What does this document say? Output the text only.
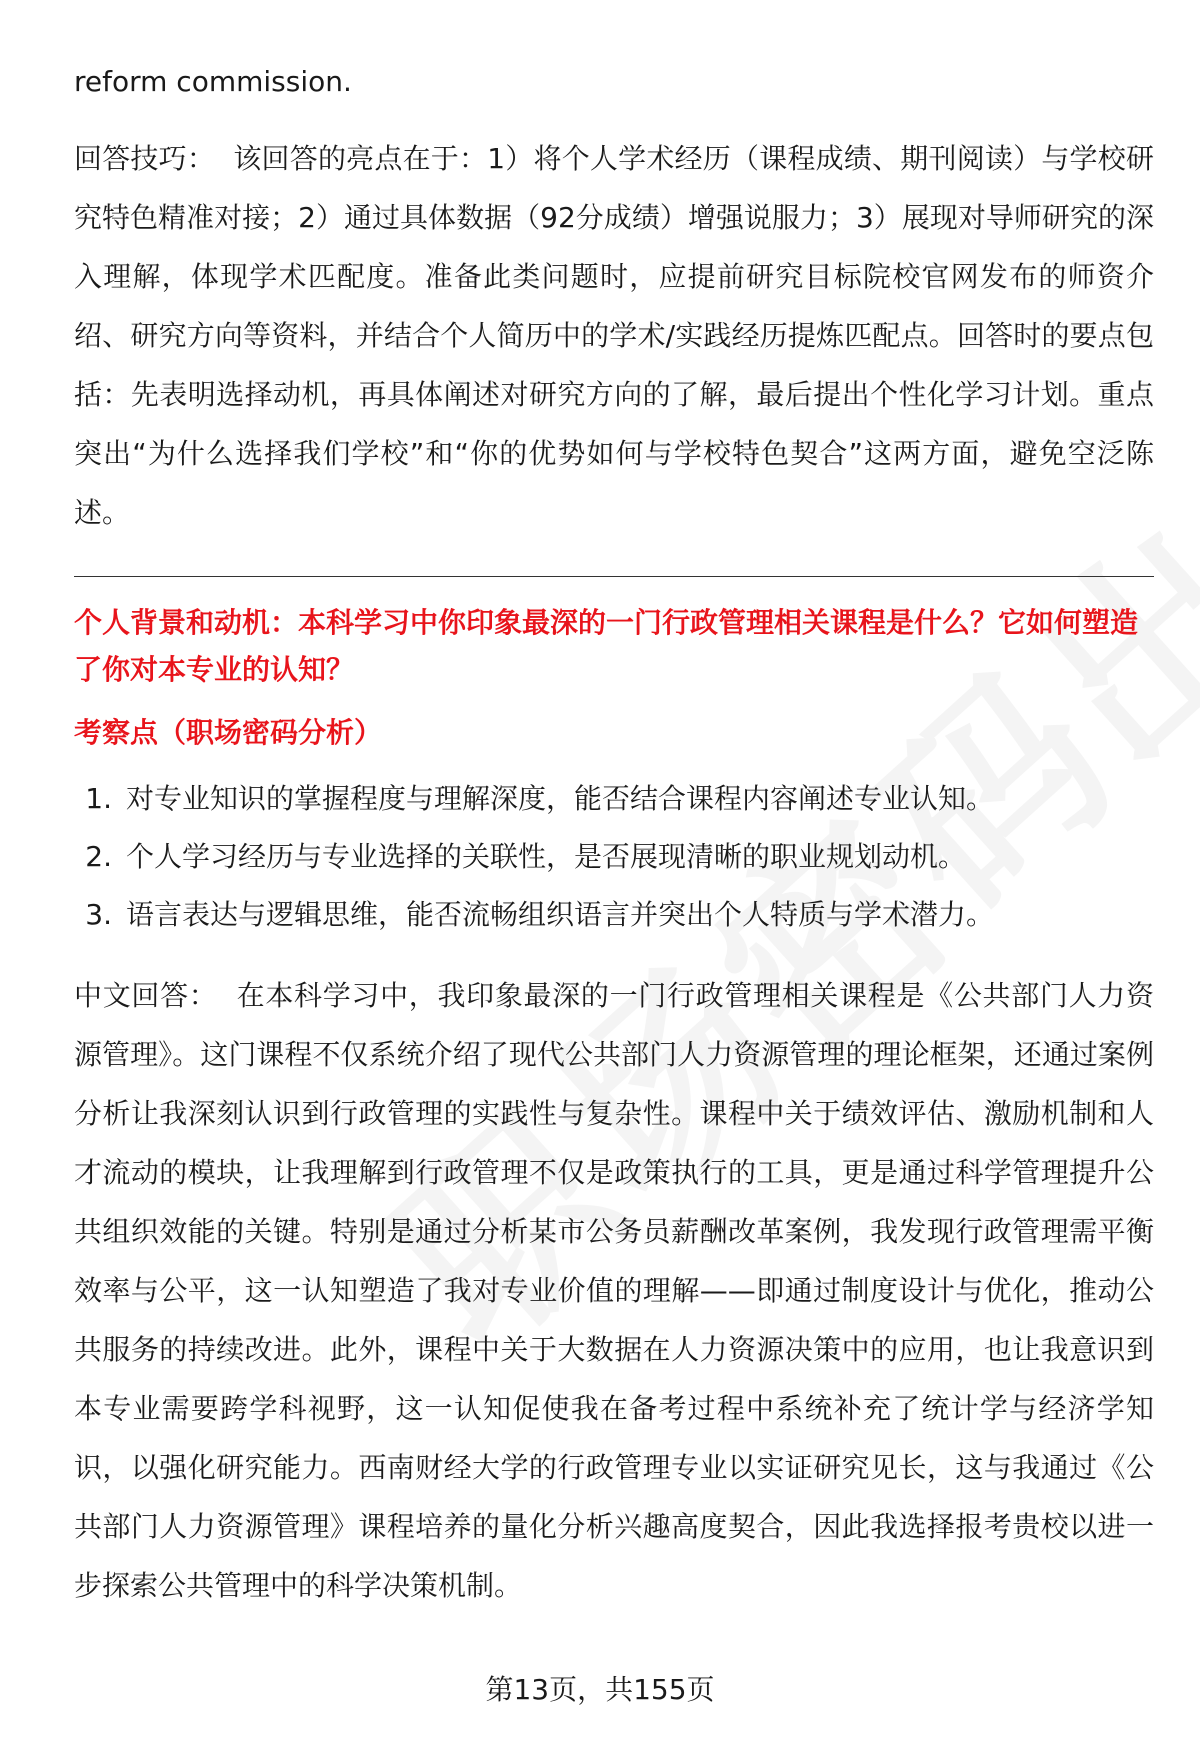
reform commission.

回答技巧： 该回答的亮点在于：1）将个人学术经历（课程成绩、期刊阅读）与学校研究特色精准对接；2）通过具体数据（92分成绩）增强说服力；3）展现对导师研究的深入理解，体现学术匹配度。准备此类问题时，应提前研究目标院校官网发布的师资介绍、研究方向等资料，并结合个人简历中的学术/实践经历提炼匹配点。回答时的要点包括：先表明选择动机，再具体阐述对研究方向的了解，最后提出个性化学习计划。重点突出“为什么选择我们学校”和“你的优势如何与学校特色契合”这两方面，避免空泛陈述。

个人背景和动机：本科学习中你印象最深的一门行政管理相关课程是什么？它如何塑造了你对本专业的认知？

考察点（职场密码分析）

1. 对专业知识的掌握程度与理解深度，能否结合课程内容阐述专业认知。
2. 个人学习经历与专业选择的关联性，是否展现清晰的职业规划动机。
3. 语言表达与逻辑思维，能否流畅组织语言并突出个人特质与学术潜力。

中文回答： 在本科学习中，我印象最深的一门行政管理相关课程是《公共部门人力资源管理》。这门课程不仅系统介绍了现代公共部门人力资源管理的理论框架，还通过案例分析让我深刻认识到行政管理的实践性与复杂性。课程中关于绩效评估、激励机制和人才流动的模块，让我理解到行政管理不仅是政策执行的工具，更是通过科学管理提升公共组织效能的关键。特别是通过分析某市公务员薪酬改革案例，我发现行政管理需平衡效率与公平，这一认知塑造了我对专业价值的理解——即通过制度设计与优化，推动公共服务的持续改进。此外，课程中关于大数据在人力资源决策中的应用，也让我意识到本专业需要跨学科视野，这一认知促使我在备考过程中系统补充了统计学与经济学知识，以强化研究能力。西南财经大学的行政管理专业以实证研究见长，这与我通过《公共部门人力资源管理》课程培养的量化分析兴趣高度契合，因此我选择报考贵校以进一步探索公共管理中的科学决策机制。

第13页，共155页
